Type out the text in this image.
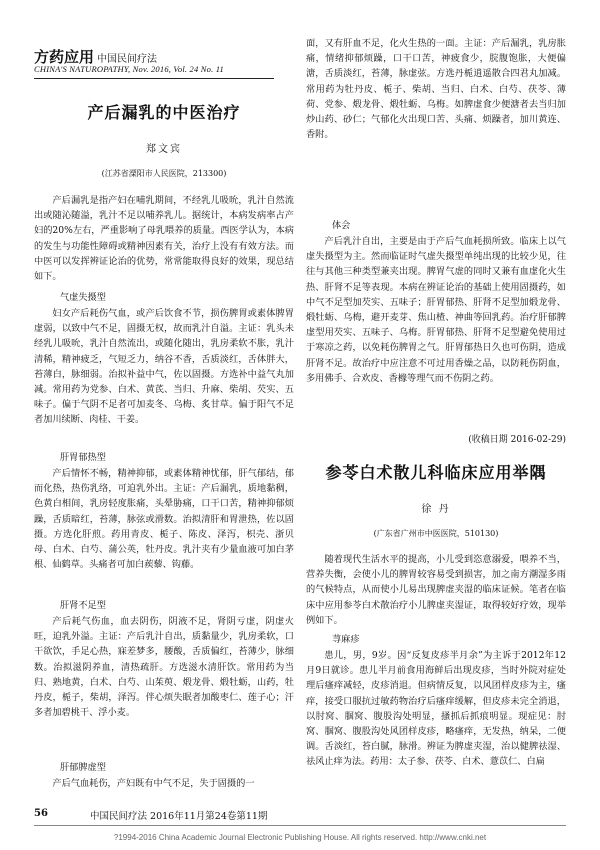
方药应用 中国民间疗法
CHINA'S NATUROPATHY, Nov. 2016, Vol. 24 No. 11
产后漏乳的中医治疗
郑文宾
(江苏省溧阳市人民医院，213300)

产后漏乳是指产妇在哺乳期间，不经乳儿吸吮，乳汁自然流出或随沁随溢，乳汁不足以哺养乳儿。据统计，本病发病率占产妇的20%左右，严重影响了母乳喂养的质量。西医学认为，本病的发生与功能性障碍或精神因素有关，治疗上没有有效方法。而中医可以发挥辨证论治的优势，常常能取得良好的效果，现总结如下。

气虚失摄型

妇女产后耗伤气血，或产后饮食不节，损伤脾胃或素体脾胃虚弱，以致中气不足，固摄无权，故而乳汁自溢。主证：乳头未经乳儿吸吮，乳汁自然流出，或随化随出，乳房柔软不胀，乳汁清稀，精神疲乏，气短乏力，纳谷不香，舌质淡红，舌体胖大，苔薄白，脉细弱。治拟补益中气，佐以固摄。方选补中益气丸加减。常用药为党参、白术、黄芪、当归、升麻、柴胡、芡实、五味子。偏于气阴不足者可加麦冬、乌梅、炙甘草。偏于阳气不足者加川续断、肉桂、干姜。

肝胃郁热型

产后情怀不畅，精神抑郁，或素体精神忧郁，肝气郁结，郁而化热，热伤乳络，可迫乳外出。主证：产后漏乳，质地黏稠，色黄白相间，乳房轻度胀痛，头晕胁痛，口干口苦，精神抑郁烦躁，舌质暗红，苔薄，脉弦或滑数。治拟清肝和胃泄热，佐以固摄。方选化肝煎。药用青皮、栀子、陈皮、泽泻，枳壳、浙贝母、白术、白芍、蒲公英，牡丹皮。乳汁夹有少量血液可加白茅根、仙鹤草。头痛者可加白蒺藜、钩藤。

肝肾不足型

产后耗气伤血，血去阴伤，阴液不足，肾阴亏虚，阴虚火旺，迫乳外溢。主证：产后乳汁自出，质黏量少，乳房柔软，口干欲饮，手足心热，寐差梦多，腰酸，舌质偏红，苔薄少，脉细数。治拟滋阴养血，清热疏肝。方选滋水清肝饮。常用药为当归、熟地黄，白术、白芍、山茱萸、煅龙骨、煅牡蛎，山药，牡丹皮，栀子，柴胡，泽泻。伴心烦失眠者加酸枣仁、莲子心；汗多者加碧桃干、浮小麦。

肝郁脾虚型

产后气血耗伤，产妇既有中气不足，失于固摄的一

面，又有肝血不足，化火生热的一面。主证：产后漏乳，乳房胀痛，情绪抑郁烦躁，口干口苦，神疲食少，脘腹饱胀，大便偏溏，舌质淡红，苔薄，脉虚弦。方选丹栀逍遥散合四君丸加减。常用药为牡丹皮、栀子、柴胡、当归、白术、白芍、茯苓、薄荷、党参、煅龙骨、煅牡蛎、乌梅。如脾虚食少便溏者去当归加炒山药、砂仁；气郁化火出现口苦、头痛、烦躁者，加川黄连、香附。

体会

产后乳汁自出，主要是由于产后气血耗损所致。临床上以气虚失摄型为主。然而临证时气虚失摄型单纯出现的比较少见，往往与其他三种类型兼夹出现。脾胃气虚的同时又兼有血虚化火生热、肝肾不足等表现。本病在辨证论治的基础上使用固摄药，如中气不足型加芡实、五味子；肝胃郁热、肝肾不足型加煅龙骨、煅牡蛎、乌梅，避开麦芽、焦山楂、神曲等回乳药。治疗肝郁脾虚型用芡实、五味子、乌梅。肝胃郁热、肝肾不足型避免使用过于寒凉之药，以免耗伤脾胃之气。肝胃郁热日久也可伤阴，造成肝肾不足。故治疗中应注意不可过用香燥之品，以防耗伤阴血，多用佛手、合欢皮、香橼等理气而不伤阴之药。

(收稿日期 2016-02-29)
参苓白术散儿科临床应用举隅
徐 丹
(广东省广州市中医医院，510130)

随着现代生活水平的提高，小儿受到恣意溺爱，喂养不当，营养失衡，会使小儿的脾胃较容易受到损害，加之南方潮湿多雨的气候特点，从而使小儿易出现脾虚夹湿的临床证候。笔者在临床中应用参苓白术散治疗小儿脾虚夹湿证，取得较好疗效，现举例如下。

荨麻疹

患儿，男，9岁。因“反复皮疹半月余”为主诉于2012年12月9日就诊。患儿半月前食用海鲜后出现皮疹，当时外院对症处理后瘙痒减轻，皮疹消退。但病情反复，以风团样皮疹为主，瘙痒，接受口服抗过敏药物治疗后瘙痒缓解，但皮疹未完全消退，以肘窝、腘窝、腹股沟处明显，搔抓后抓痕明显。现症见：肘窝、腘窝、腹股沟处风团样皮疹，略瘙痒，无发热，纳呆，二便调。舌淡红，苔白腻，脉滑。辨证为脾虚夹湿，治以健脾祛湿、祛风止痒为法。药用：太子参、茯苓、白术、薏苡仁、白扁

56	中国民间疗法 2016年11月第24卷第11期
?1994-2016 China Academic Journal Electronic Publishing House. All rights reserved. http://www.cnki.net
